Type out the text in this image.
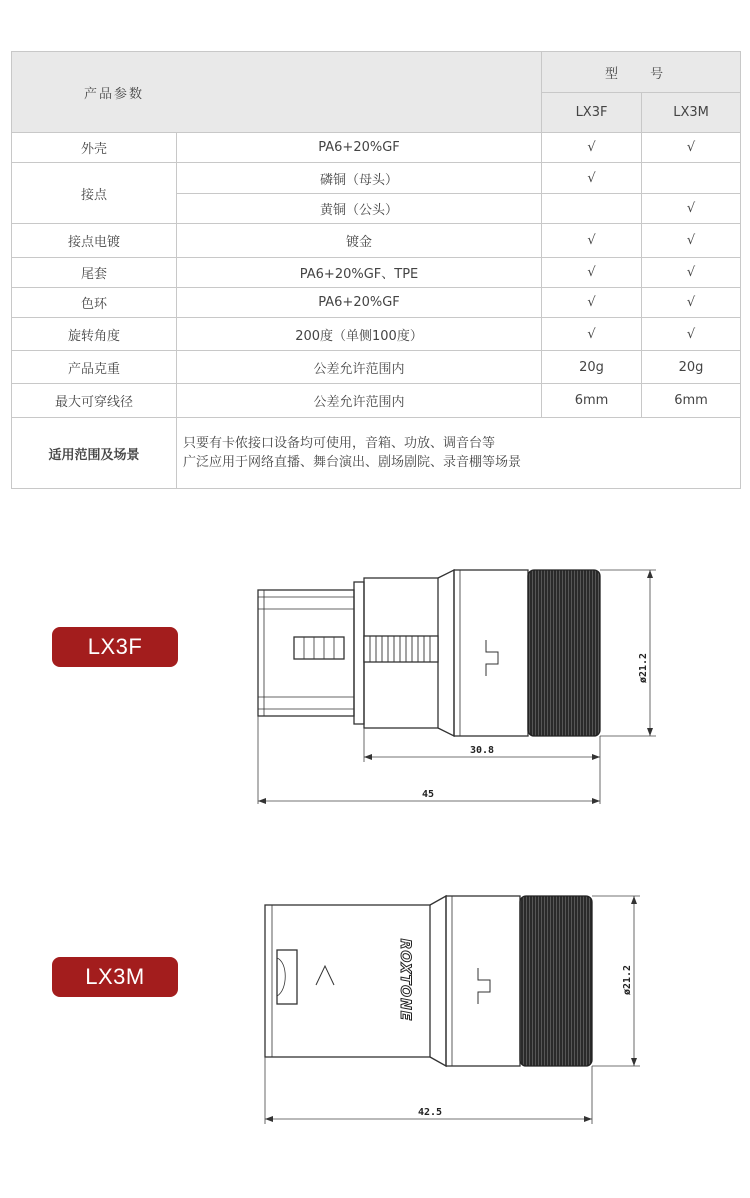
产品参数		型 号	
		LX3F	LX3M
外壳	PA6+20%GF	√	√
接点	磷铜（母头）	√	
	黄铜（公头）		√
接点电镀	镀金	√	√
尾套	PA6+20%GF、TPE	√	√
色环	PA6+20%GF	√	√
旋转角度	200度（单侧100度）	√	√
产品克重	公差允许范围内	20g	20g
最大可穿线径	公差允许范围内	6mm	6mm
适用范围及场景	只要有卡侬接口设备均可使用，音箱、功放、调音台等
广泛应用于网络直播、舞台演出、剧场剧院、录音棚等场景		
LX3F
LX3M
ø21.2
30.8
45
ROXTONE	ø21.2
42.5
